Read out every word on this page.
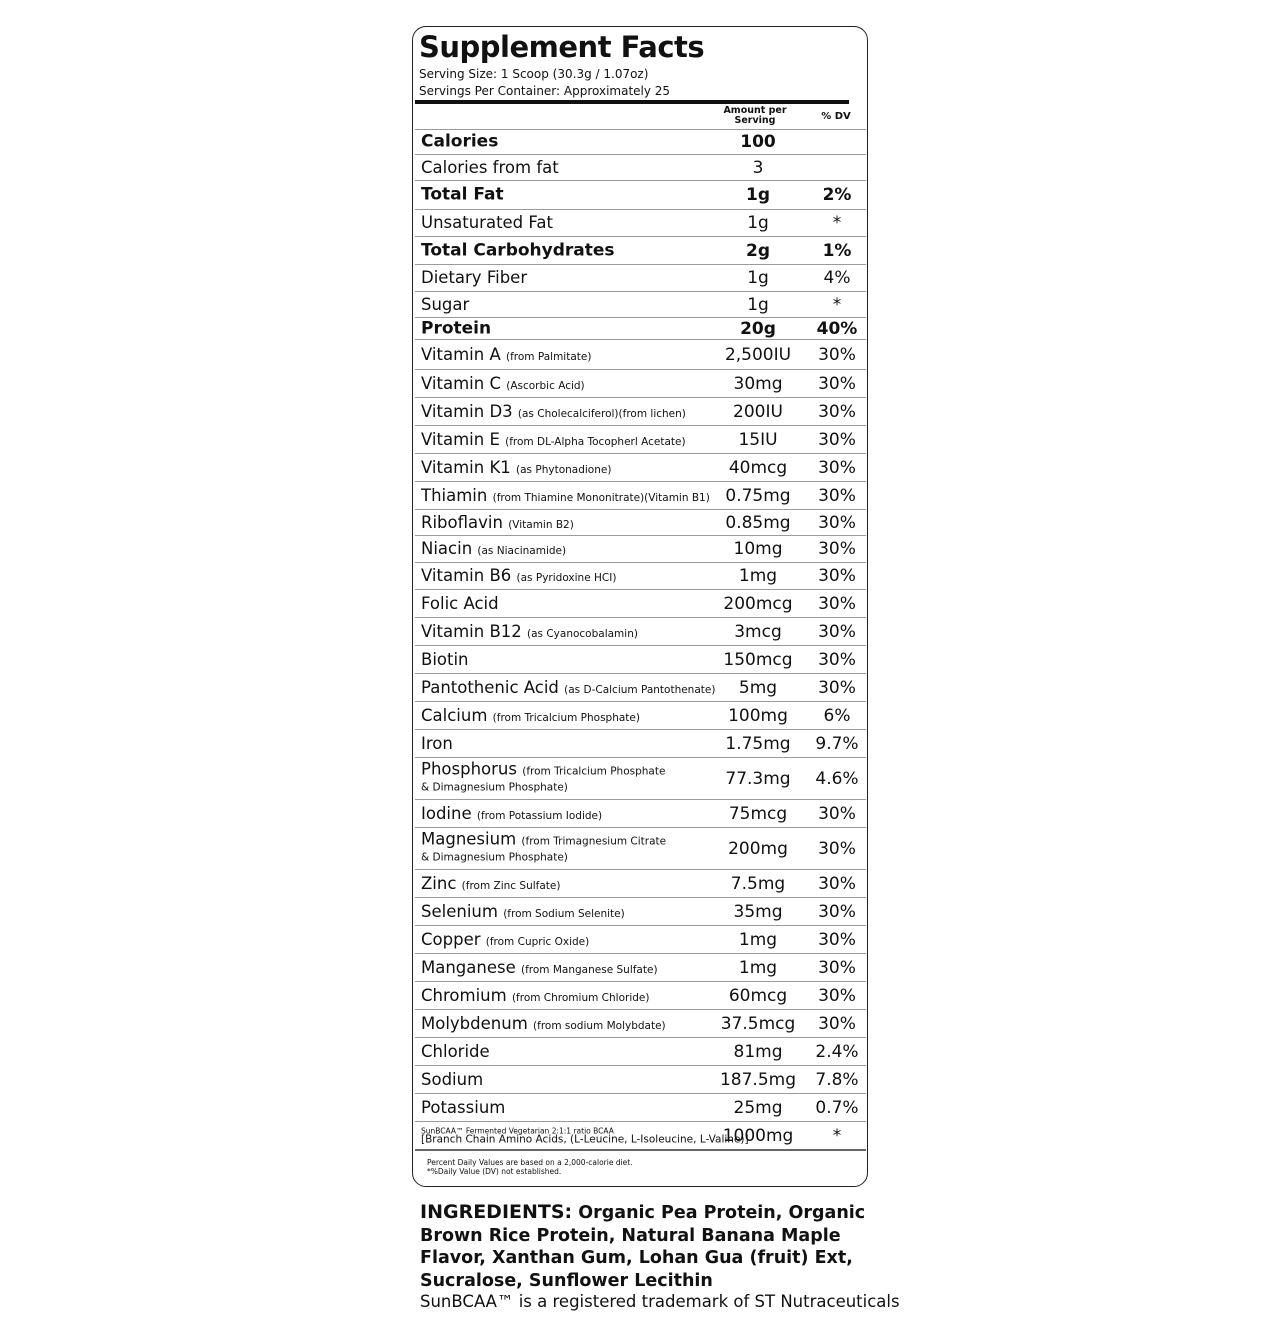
Supplement Facts
Serving Size: 1 Scoop (30.3g / 1.07oz)
Servings Per Container: Approximately 25
Amount per
Serving	% DV
Calories	100
Calories from fat	3
Total Fat	1g	2%
Unsaturated Fat	1g	*
Total Carbohydrates	2g	1%
Dietary Fiber	1g	4%
Sugar	1g	*
Protein	20g	40%
Vitamin A (from Palmitate)	2,500IU	30%
Vitamin C (Ascorbic Acid)	30mg	30%
Vitamin D3 (as Cholecalciferol)(from lichen)	200IU	30%
Vitamin E (from DL-Alpha Tocopherl Acetate)	15IU	30%
Vitamin K1 (as Phytonadione)	40mcg	30%
Thiamin (from Thiamine Mononitrate)(Vitamin B1) 0.75mg	30%
Riboflavin (Vitamin B2)	0.85mg	30%
Niacin (as Niacinamide)	10mg	30%
Vitamin B6 (as Pyridoxine HCI)	1mg	30%
Folic Acid	200mcg	30%
Vitamin B12 (as Cyanocobalamin)	3mcg	30%
Biotin	150mcg	30%
Pantothenic Acid (as D-Calcium Pantothenate)	5mg	30%
Calcium (from Tricalcium Phosphate)	100mg	6%
Iron	1.75mg	9.7%
Phosphorus (from Tricalcium Phosphate
& Dimagnesium Phosphate)	77.3mg	4.6%
Iodine (from Potassium Iodide)	75mcg	30%
Magnesium (from Trimagnesium Citrate
& Dimagnesium Phosphate)	200mg	30%
Zinc (from Zinc Sulfate)	7.5mg	30%
Selenium (from Sodium Selenite)	35mg	30%
Copper (from Cupric Oxide)	1mg	30%
Manganese (from Manganese Sulfate)	1mg	30%
Chromium (from Chromium Chloride)	60mcg	30%
Molybdenum (from sodium Molybdate)	37.5mcg	30%
Chloride	81mg	2.4%
Sodium	187.5mg	7.8%
Potassium	25mg	0.7%
SunBCAA™ Fermented Vegetarian 2:1:1 ratio BCAA
[Branch Chain Amino Acids, (L-Leucine, L-Isoleucine, L-Valine)]
1000mg	*
Percent Daily Values are based on a 2,000-calorie diet.
*%Daily Value (DV) not established.
INGREDIENTS: Organic Pea Protein, Organic Brown Rice Protein, Natural Banana Maple Flavor, Xanthan Gum, Lohan Gua (fruit) Ext, Sucralose, Sunflower Lecithin
SunBCAA™ is a registered trademark of ST Nutraceuticals
